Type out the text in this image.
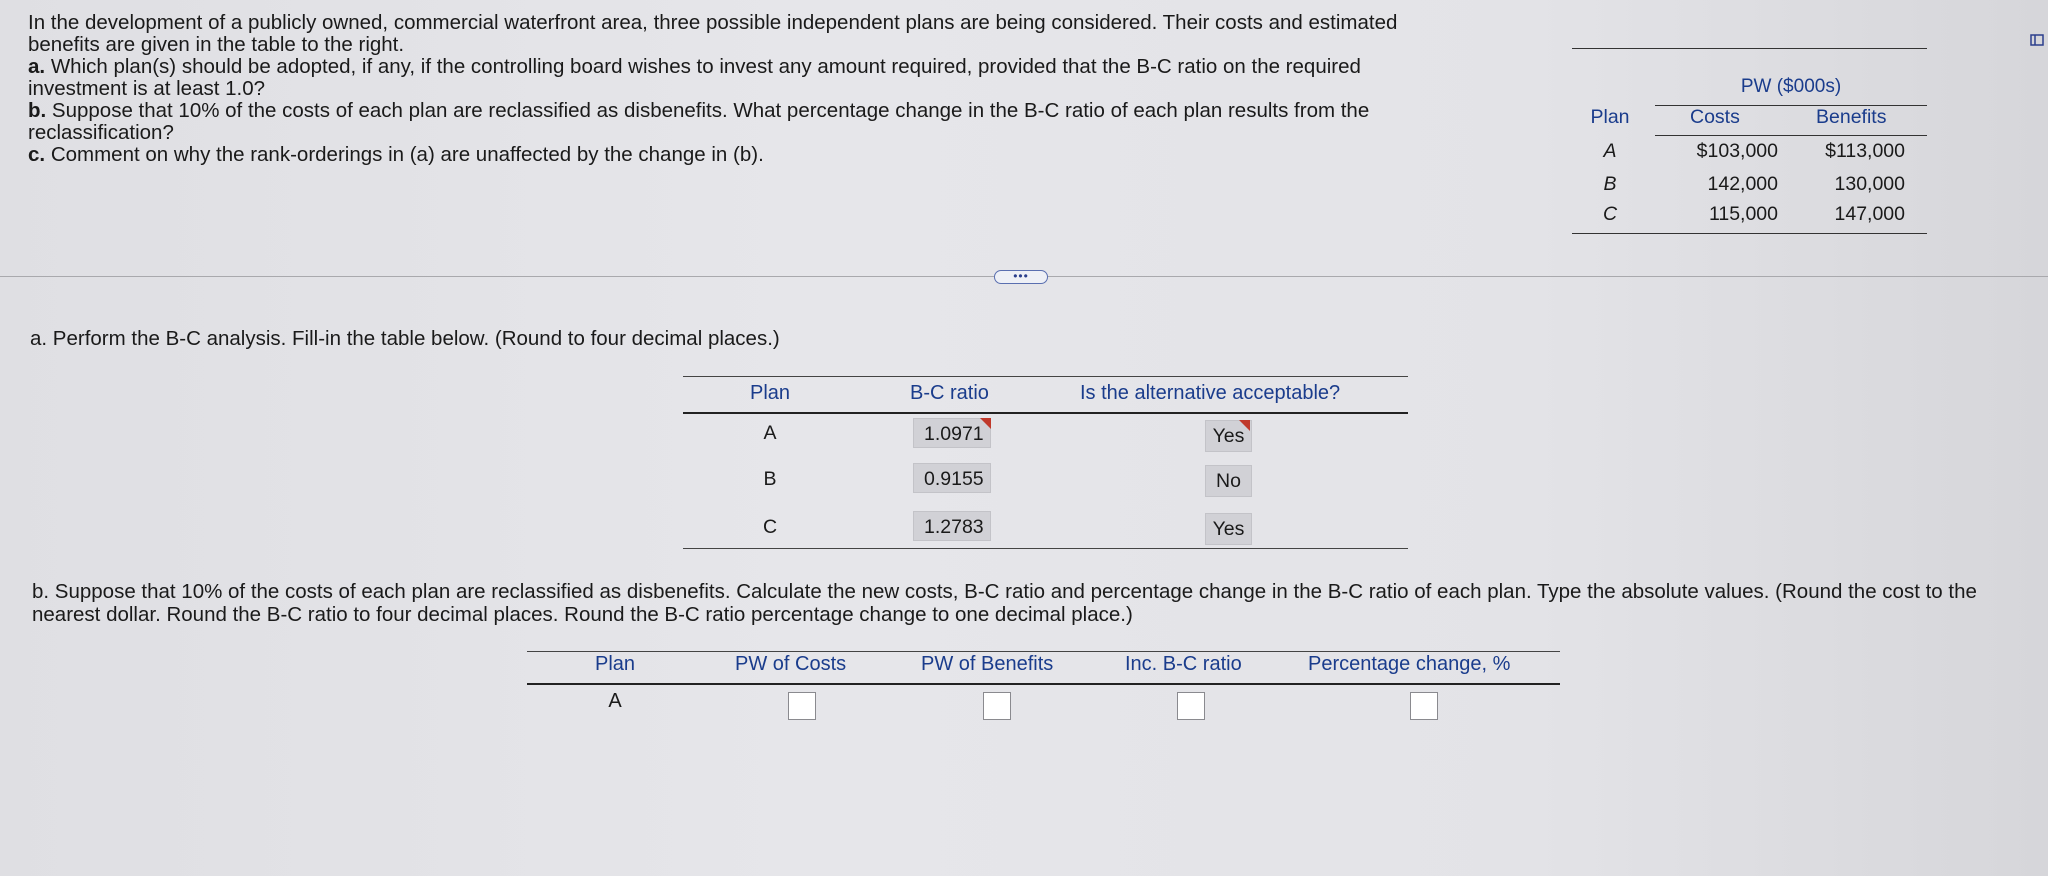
In the development of a publicly owned, commercial waterfront area, three possible independent plans are being considered. Their costs and estimated benefits are given in the table to the right.

a. Which plan(s) should be adopted, if any, if the controlling board wishes to invest any amount required, provided that the B-C ratio on the required investment is at least 1.0?

b. Suppose that 10% of the costs of each plan are reclassified as disbenefits. What percentage change in the B-C ratio of each plan results from the reclassification?

c. Comment on why the rank-orderings in (a) are unaffected by the change in (b).

PW ($000s)
Plan	Costs	Benefits
A	$103,000	$113,000
B	142,000	130,000
C	115,000	147,000
•••
a. Perform the B-C analysis. Fill-in the table below. (Round to four decimal places.)
Plan	B-C ratio	Is the alternative acceptable?
A	1.0971	Yes
B	0.9155	No
C	1.2783	Yes
b. Suppose that 10% of the costs of each plan are reclassified as disbenefits. Calculate the new costs, B-C ratio and percentage change in the B-C ratio of each plan. Type the absolute values. (Round the cost to the nearest dollar. Round the B-C ratio to four decimal places. Round the B-C ratio percentage change to one decimal place.)
Plan	PW of Costs	PW of Benefits	Inc. B-C ratio	Percentage change, %
A
